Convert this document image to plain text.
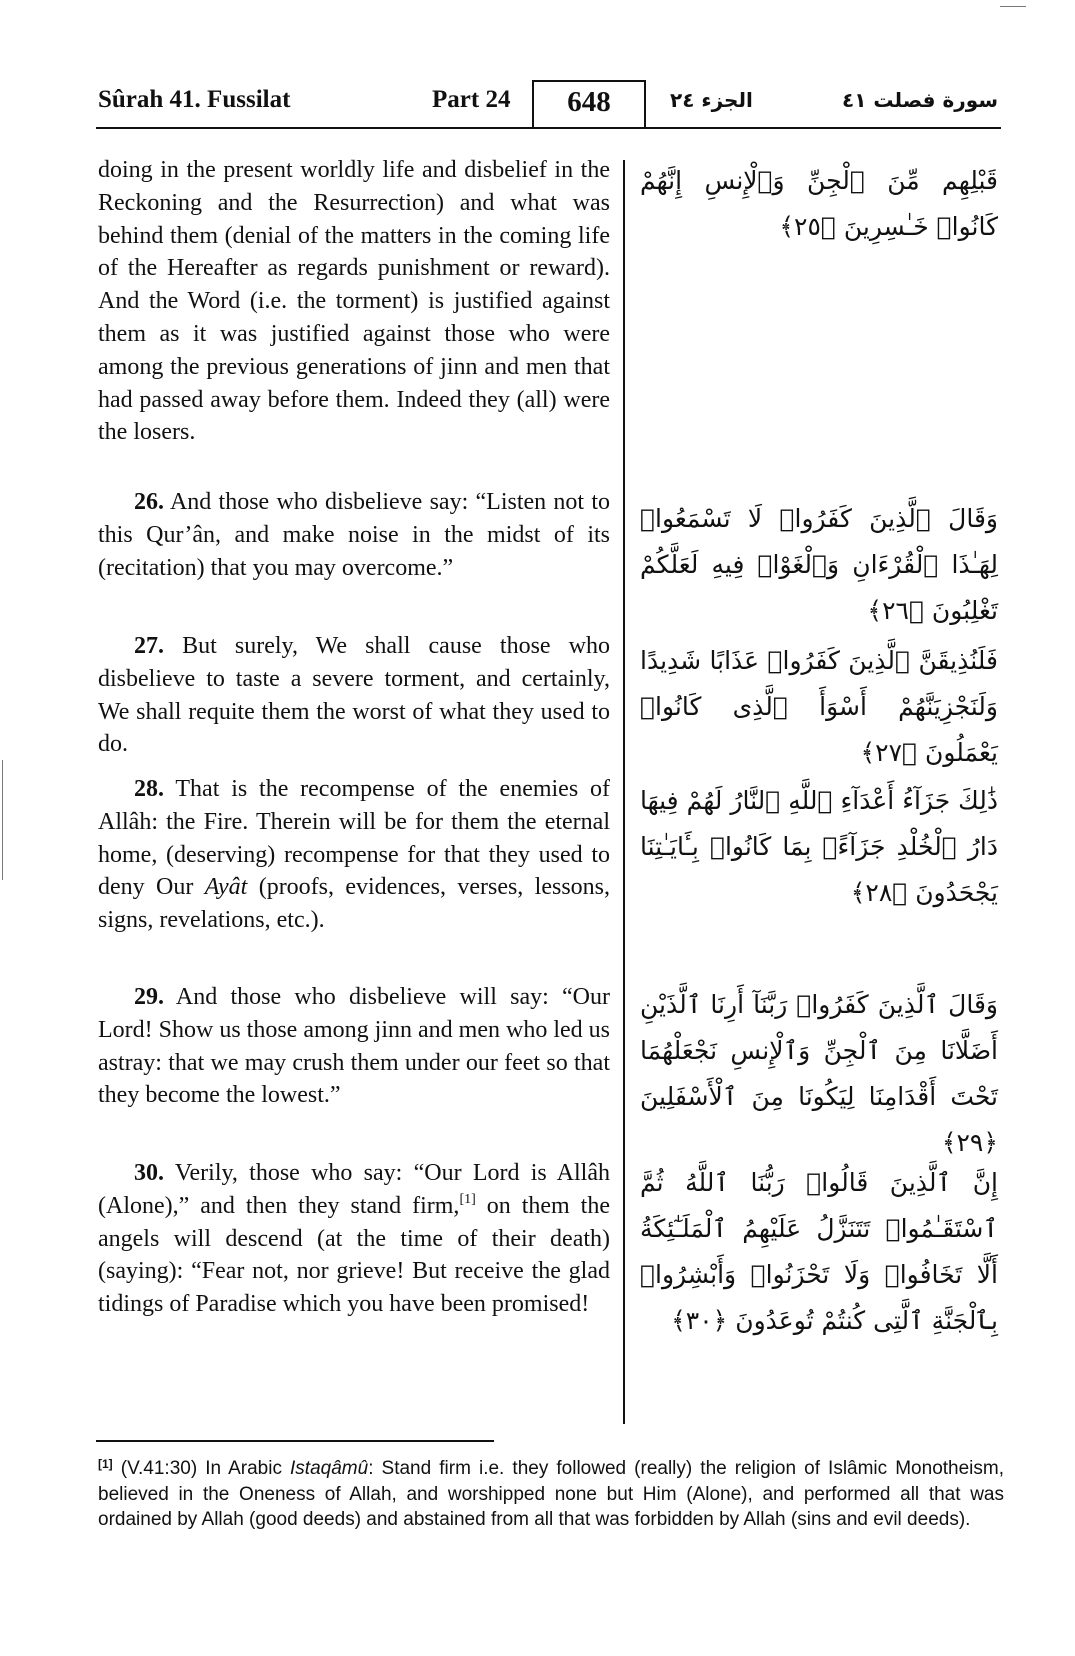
Sûrah 41. Fussilat	Part 24	648	الجزء ٢٤	سورة فصلت ٤١

doing in the present worldly life and disbelief in the Reckoning and the Resurrection) and what was behind them (denial of the matters in the coming life of the Hereafter as regards punishment or reward). And the Word (i.e. the torment) is justified against them as it was justified against those who were among the previous generations of jinn and men that had passed away before them. Indeed they (all) were the losers.

قَبْلِهِم مِّنَ ٱلْجِنِّ وَٱلْإِنسِ إِنَّهُمْ كَانُوا۟ خَـٰسِرِينَ ﴿٢٥﴾

26. And those who disbelieve say: “Listen not to this Qur’ân, and make noise in the midst of its (recitation) that you may overcome.”

وَقَالَ ٱلَّذِينَ كَفَرُوا۟ لَا تَسْمَعُوا۟ لِهَـٰذَا ٱلْقُرْءَانِ وَٱلْغَوْا۟ فِيهِ لَعَلَّكُمْ تَغْلِبُونَ ﴿٢٦﴾

27. But surely, We shall cause those who disbelieve to taste a severe torment, and certainly, We shall requite them the worst of what they used to do.

فَلَنُذِيقَنَّ ٱلَّذِينَ كَفَرُوا۟ عَذَابًا شَدِيدًا وَلَنَجْزِيَنَّهُمْ أَسْوَأَ ٱلَّذِى كَانُوا۟ يَعْمَلُونَ ﴿٢٧﴾

28. That is the recompense of the enemies of Allâh: the Fire. Therein will be for them the eternal home, (deserving) recompense for that they used to deny Our Ayât (proofs, evidences, verses, lessons, signs, revelations, etc.).

ذَٰلِكَ جَزَآءُ أَعْدَآءِ ٱللَّهِ ٱلنَّارُ لَهُمْ فِيهَا دَارُ ٱلْخُلْدِ جَزَآءًۢ بِمَا كَانُوا۟ بِـَٔايَـٰتِنَا يَجْحَدُونَ ﴿٢٨﴾

29. And those who disbelieve will say: “Our Lord! Show us those among jinn and men who led us astray: that we may crush them under our feet so that they become the lowest.”

وَقَالَ ٱلَّذِينَ كَفَرُوا۟ رَبَّنَآ أَرِنَا ٱلَّذَيْنِ أَضَلَّانَا مِنَ ٱلْجِنِّ وَٱلْإِنسِ نَجْعَلْهُمَا تَحْتَ أَقْدَامِنَا لِيَكُونَا مِنَ ٱلْأَسْفَلِينَ ﴿٢٩﴾

30. Verily, those who say: “Our Lord is Allâh (Alone),” and then they stand firm,[1] on them the angels will descend (at the time of their death) (saying): “Fear not, nor grieve! But receive the glad tidings of Paradise which you have been promised!

إِنَّ ٱلَّذِينَ قَالُوا۟ رَبُّنَا ٱللَّهُ ثُمَّ ٱسْتَقَـٰمُوا۟ تَتَنَزَّلُ عَلَيْهِمُ ٱلْمَلَـٰٓئِكَةُ أَلَّا تَخَافُوا۟ وَلَا تَحْزَنُوا۟ وَأَبْشِرُوا۟ بِٱلْجَنَّةِ ٱلَّتِى كُنتُمْ تُوعَدُونَ ﴿٣٠﴾
[1] (V.41:30) In Arabic Istaqâmû: Stand firm i.e. they followed (really) the religion of Islâmic Monotheism, believed in the Oneness of Allah, and worshipped none but Him (Alone), and performed all that was ordained by Allah (good deeds) and abstained from all that was forbidden by Allah (sins and evil deeds).
